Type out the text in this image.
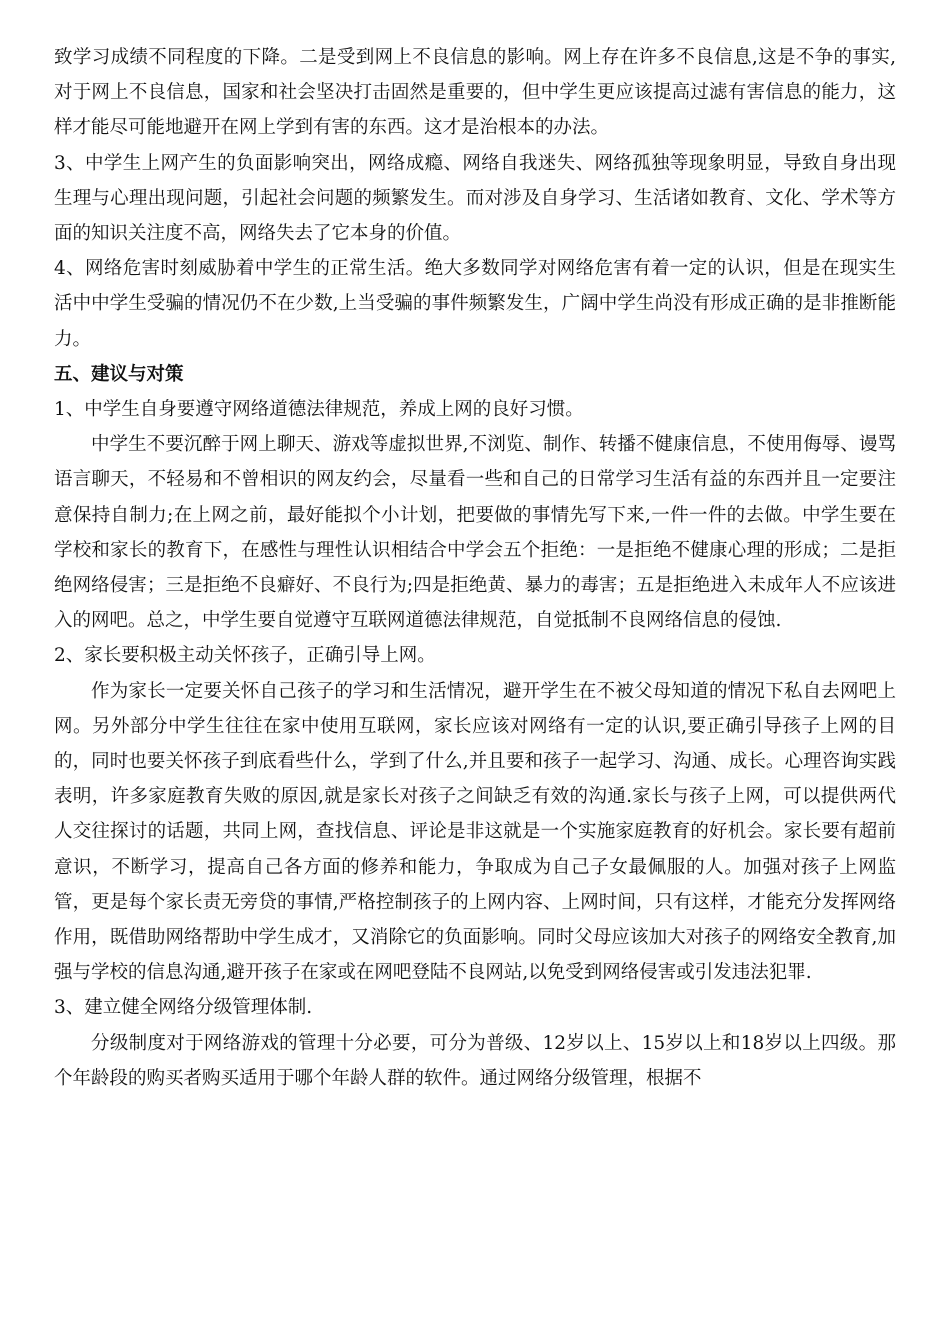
致学习成绩不同程度的下降。二是受到网上不良信息的影响。网上存在许多不良信息,这是不争的事实,对于网上不良信息，国家和社会坚决打击固然是重要的，但中学生更应该提高过滤有害信息的能力，这样才能尽可能地避开在网上学到有害的东西。这才是治根本的办法。

3、中学生上网产生的负面影响突出，网络成瘾、网络自我迷失、网络孤独等现象明显，导致自身出现生理与心理出现问题，引起社会问题的频繁发生。而对涉及自身学习、生活诸如教育、文化、学术等方面的知识关注度不高，网络失去了它本身的价值。

4、网络危害时刻威胁着中学生的正常生活。绝大多数同学对网络危害有着一定的认识，但是在现实生活中中学生受骗的情况仍不在少数,上当受骗的事件频繁发生，广阔中学生尚没有形成正确的是非推断能力。

五、建议与对策

1、中学生自身要遵守网络道德法律规范，养成上网的良好习惯。

中学生不要沉醉于网上聊天、游戏等虚拟世界,不浏览、制作、转播不健康信息，不使用侮辱、谩骂语言聊天，不轻易和不曾相识的网友约会，尽量看一些和自己的日常学习生活有益的东西并且一定要注意保持自制力;在上网之前，最好能拟个小计划，把要做的事情先写下来,一件一件的去做。中学生要在学校和家长的教育下，在感性与理性认识相结合中学会五个拒绝：一是拒绝不健康心理的形成；二是拒绝网络侵害；三是拒绝不良癖好、不良行为;四是拒绝黄、暴力的毒害；五是拒绝进入未成年人不应该进入的网吧。总之，中学生要自觉遵守互联网道德法律规范，自觉抵制不良网络信息的侵蚀.

2、家长要积极主动关怀孩子，正确引导上网。

作为家长一定要关怀自己孩子的学习和生活情况，避开学生在不被父母知道的情况下私自去网吧上网。另外部分中学生往往在家中使用互联网，家长应该对网络有一定的认识,要正确引导孩子上网的目的，同时也要关怀孩子到底看些什么，学到了什么,并且要和孩子一起学习、沟通、成长。心理咨询实践表明，许多家庭教育失败的原因,就是家长对孩子之间缺乏有效的沟通.家长与孩子上网，可以提供两代人交往探讨的话题，共同上网，查找信息、评论是非这就是一个实施家庭教育的好机会。家长要有超前意识，不断学习，提高自己各方面的修养和能力，争取成为自己子女最佩服的人。加强对孩子上网监管，更是每个家长责无旁贷的事情,严格控制孩子的上网内容、上网时间，只有这样，才能充分发挥网络作用，既借助网络帮助中学生成才，又消除它的负面影响。同时父母应该加大对孩子的网络安全教育,加强与学校的信息沟通,避开孩子在家或在网吧登陆不良网站,以免受到网络侵害或引发违法犯罪.

3、建立健全网络分级管理体制.

分级制度对于网络游戏的管理十分必要，可分为普级、12岁以上、15岁以上和18岁以上四级。那个年龄段的购买者购买适用于哪个年龄人群的软件。通过网络分级管理，根据不
